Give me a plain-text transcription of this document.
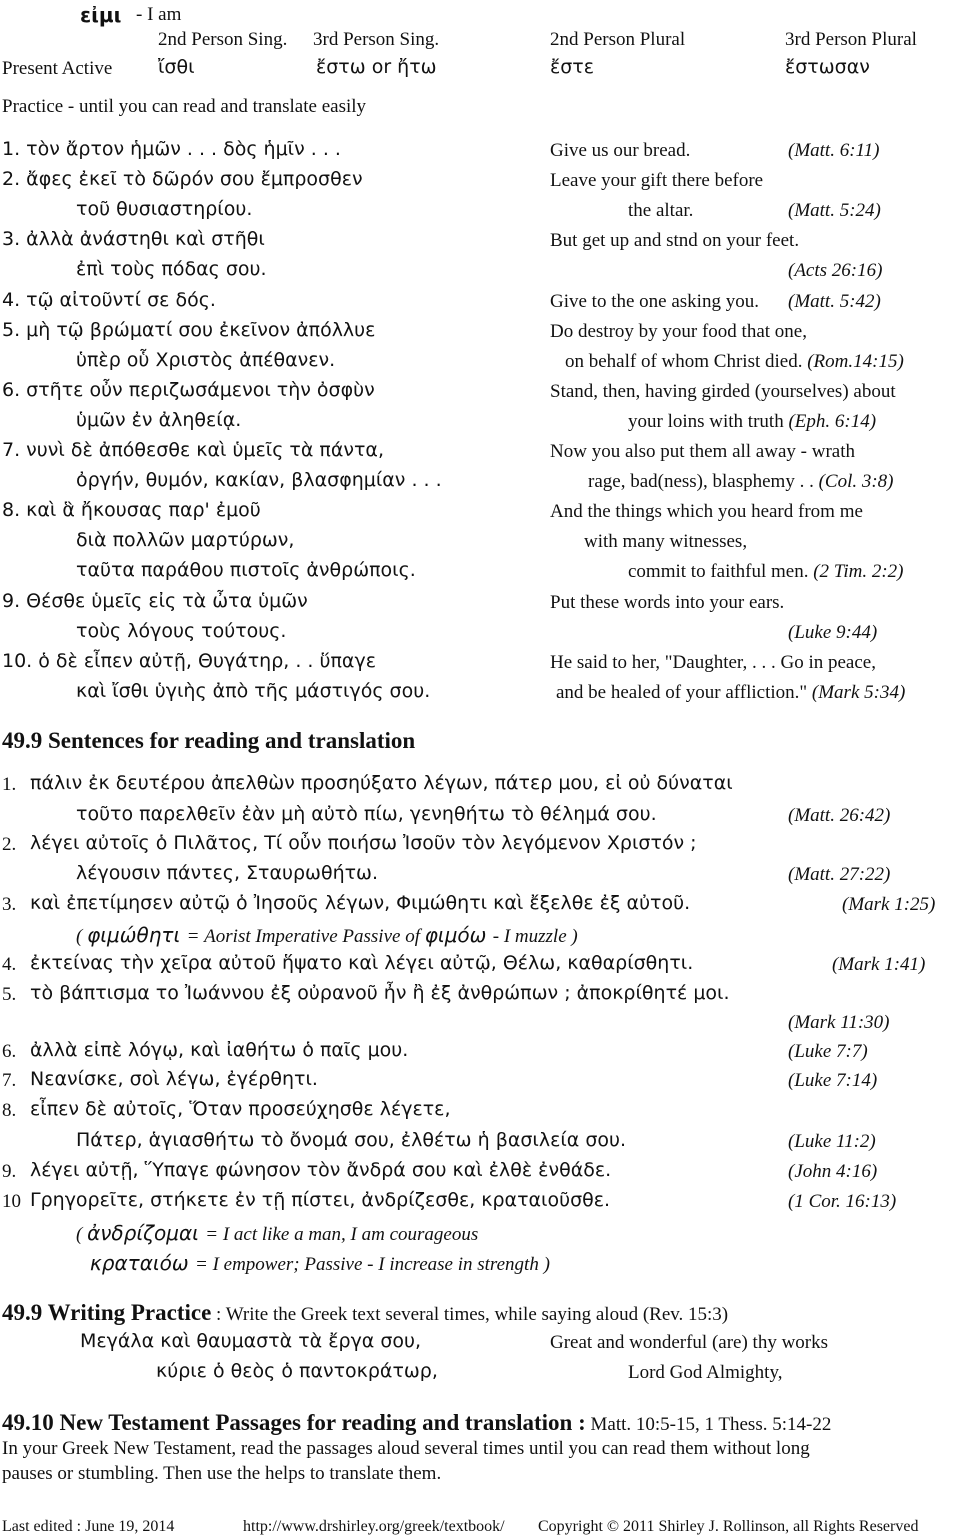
εἰμι - I am
2nd Person Sing. 3rd Person Sing.	2nd Person Plural	3rd Person Plural
Present Active ἴσθι	ἔστω or ἤτω	ἔστε	ἔστωσαν
Practice - until you can read and translate easily
1. τὸν ἄρτον ἡμῶν . . . δὸς ἡμῖν . . .	Give us our bread.	(Matt. 6:11)
2. ἄφες ἐκεῖ τὸ δῶρόν σου ἔμπροσθεν	Leave your gift there before
τοῦ θυσιαστηρίου.	the altar.	(Matt. 5:24)
3. ἀλλὰ ἀνάστηθι καὶ στῆθι	But get up and stnd on your feet.
ἐπὶ τοὺς πόδας σου.	(Acts 26:16)
4. τῷ αἰτοῦντί σε δός.	Give to the one asking you. (Matt. 5:42)
5. μὴ τῷ βρώματί σου ἐκεῖνον ἀπόλλυε	Do destroy by your food that one,
ὑπὲρ οὗ Χριστὸς ἀπέθανεν.	on behalf of whom Christ died. (Rom.14:15)
6. στῆτε οὖν περιζωσάμενοι τὴν ὀσφὺν	Stand, then, having girded (yourselves) about
ὑμῶν ἐν ἀληθείᾳ.	your loins with truth (Eph. 6:14)
7. νυνὶ δὲ ἀπόθεσθε καὶ ὑμεῖς τὰ πάντα,	Now you also put them all away - wrath
ὀργήν, θυμόν, κακίαν, βλασφημίαν . . .	rage, bad(ness), blasphemy . . (Col. 3:8)
8. καὶ ἃ ἤκουσας παρ' ἐμοῦ	And the things which you heard from me
διὰ πολλῶν μαρτύρων,	with many witnesses,
ταῦτα παράθου πιστοῖς ἀνθρώποις.	commit to faithful men. (2 Tim. 2:2)
9. Θέσθε ὑμεῖς εἰς τὰ ὦτα ὑμῶν	Put these words into your ears.
τοὺς λόγους τούτους.	(Luke 9:44)
10. ὁ δὲ εἶπεν αὐτῇ, Θυγάτηρ, . . ὕπαγε	He said to her, "Daughter, . . . Go in peace,
καὶ ἴσθι ὑγιὴς ἀπὸ τῆς μάστιγός σου.	and be healed of your affliction." (Mark 5:34)
49.9 Sentences for reading and translation
1. πάλιν ἐκ δευτέρου ἀπελθὼν προσηύξατο λέγων, πάτερ μου, εἰ οὐ δύναται
τοῦτο παρελθεῖν ἐὰν μὴ αὐτὸ πίω, γενηθήτω τὸ θέλημά σου.	(Matt. 26:42)
2. λέγει αὐτοῖς ὁ Πιλᾶτος, Τί οὖν ποιήσω Ἰσοῦν τὸν λεγόμενον Χριστόν ;
λέγουσιν πάντες, Σταυρωθήτω.	(Matt. 27:22)
3. καὶ ἐπετίμησεν αὐτῷ ὁ Ἰησοῦς λέγων, Φιμώθητι καὶ ἔξελθε ἐξ αὐτοῦ.	(Mark 1:25)
( φιμώθητι = Aorist Imperative Passive of φιμόω - I muzzle )
4. ἐκτείνας τὴν χεῖρα αὐτοῦ ἥψατο καὶ λέγει αὐτῷ, Θέλω, καθαρίσθητι.	(Mark 1:41)
5. τὸ βάπτισμα το Ἰωάννου ἐξ οὐρανοῦ ἦν ἢ ἐξ ἀνθρώπων ; ἀποκρίθητέ μοι.
(Mark 11:30)
6. ἀλλὰ εἰπὲ λόγῳ, καὶ ἰαθήτω ὁ παῖς μου.	(Luke 7:7)
7. Νεανίσκε, σοὶ λέγω, ἐγέρθητι.	(Luke 7:14)
8. εἶπεν δὲ αὐτοῖς, Ὅταν προσεύχησθε λέγετε,
Πάτερ, ἁγιασθήτω τὸ ὄνομά σου, ἐλθέτω ἡ βασιλεία σου.	(Luke 11:2)
9. λέγει αὐτῇ, Ὕπαγε φώνησον τὸν ἄνδρά σου καὶ ἐλθὲ ἐνθάδε.	(John 4:16)
10 Γρηγορεῖτε, στήκετε ἐν τῇ πίστει, ἀνδρίζεσθε, κραταιοῦσθε.	(1 Cor. 16:13)
( ἀνδρίζομαι = I act like a man, I am courageous
κραταιόω = I empower; Passive - I increase in strength )
49.9 Writing Practice : Write the Greek text several times, while saying aloud (Rev. 15:3)
Μεγάλα καὶ θαυμαστὰ τὰ ἔργα σου,	Great and wonderful (are) thy works
κύριε ὁ θεὸς ὁ παντοκράτωρ,	Lord God Almighty,
49.10 New Testament Passages for reading and translation : Matt. 10:5-15, 1 Thess. 5:14-22
In your Greek New Testament, read the passages aloud several times until you can read them without long
pauses or stumbling. Then use the helps to translate them.
Last edited : June 19, 2014	http://www.drshirley.org/greek/textbook/ Copyright © 2011 Shirley J. Rollinson, all Rights Reserved
